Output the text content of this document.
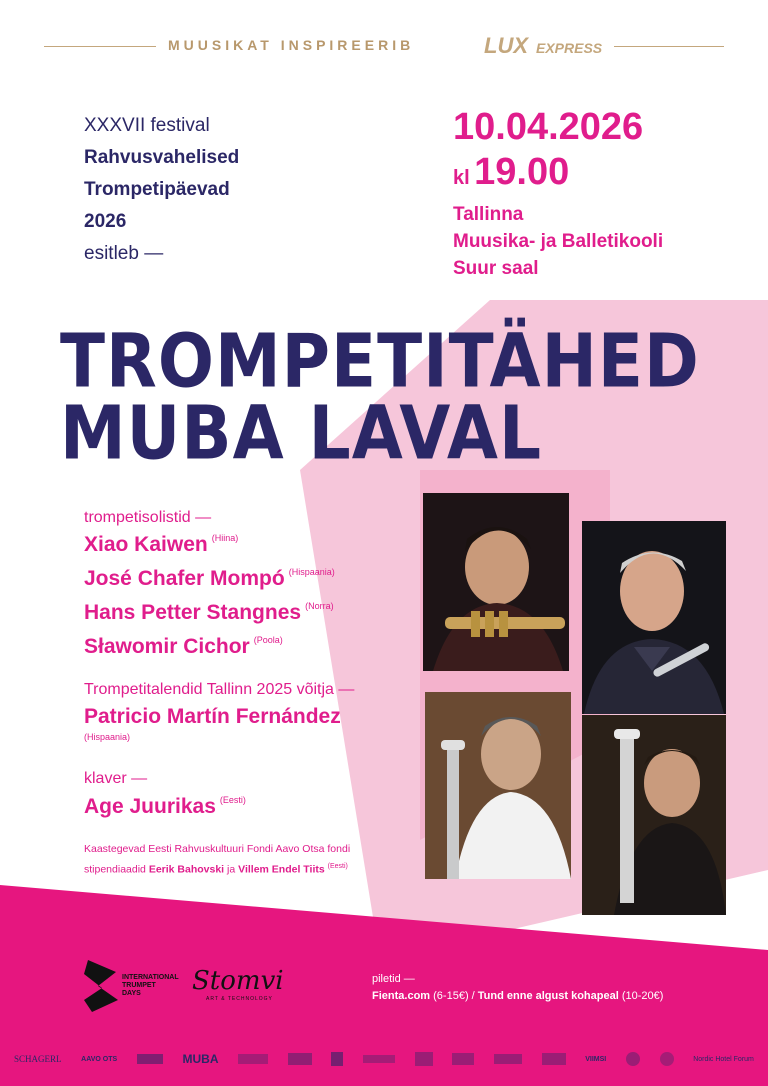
MUUSIKAT INSPIREERIB	LUX EXPRESS
XXXVII festival
Rahvusvahelised
Trompetipäevad
2026
esitleb —
10.04.2026
kl 19.00
Tallinna
Muusika- ja Balletikooli
Suur saal
TROMPETITÄHED
MUBA LAVAL
trompetisolistid —
Xiao Kaiwen $^{(Hiina)}$
José Chafer Mompó $^{(Hispaania)}$
Hans Petter Stangnes $^{(Norra)}$
Sławomir Cichor $^{(Poola)}$
Trompetitalendid Tallinn 2025 võitja —
Patricio Martín Fernández
(Hispaania)
klaver —
Age Juurikas $^{(Eesti)}$
Kaastegevad Eesti Rahvuskultuuri Fondi Aavo Otsa fondi
stipendiaadid Eerik Bahovski ja Villem Endel Tiits $^{(Eesti)}$
INTERNATIONAL
TRUMPET
DAYS	Stomvi
ART & TECHNOLOGY
piletid —
Fienta.com (6-15€) / Tund enne algust kohapeal (10-20€)
SCHAGERL	AAVO OTS	MUBA	VIIMSI	Nordic Hotel Forum
